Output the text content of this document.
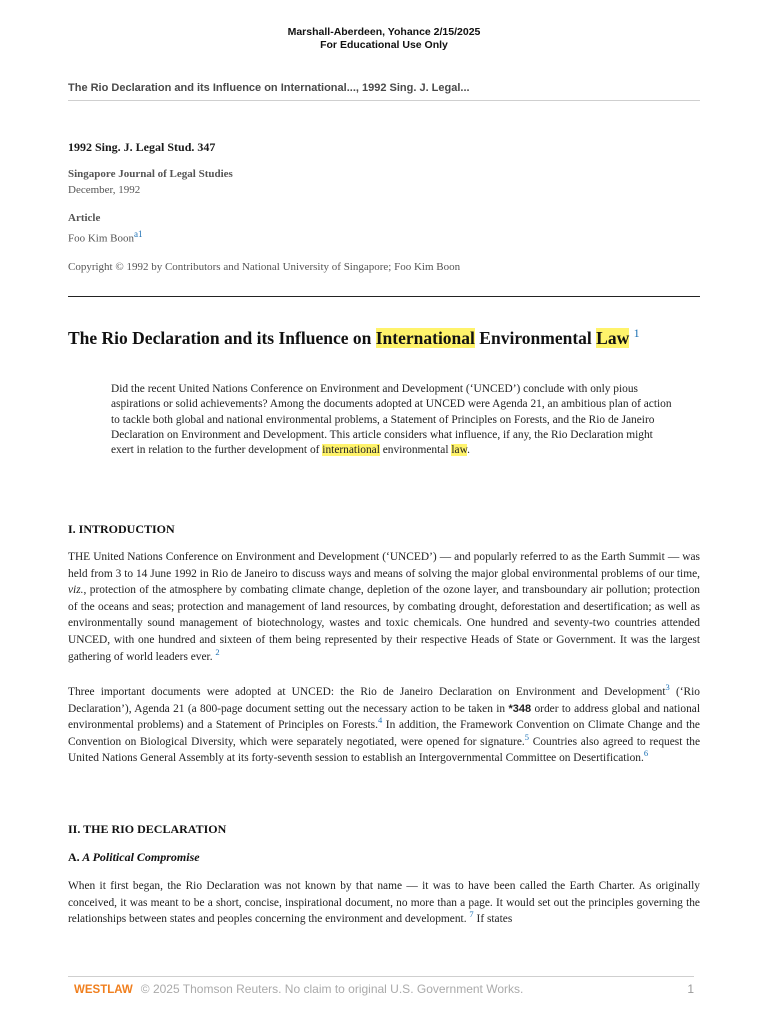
Marshall-Aberdeen, Yohance 2/15/2025
For Educational Use Only
The Rio Declaration and its Influence on International..., 1992 Sing. J. Legal...
1992 Sing. J. Legal Stud. 347
Singapore Journal of Legal Studies
December, 1992
Article
Foo Kim Boon$^{a1}$
Copyright © 1992 by Contributors and National University of Singapore; Foo Kim Boon
The Rio Declaration and its Influence on International Environmental Law $^1$
Did the recent United Nations Conference on Environment and Development (‘UNCED’) conclude with only pious aspirations or solid achievements? Among the documents adopted at UNCED were Agenda 21, an ambitious plan of action to tackle both global and national environmental problems, a Statement of Principles on Forests, and the Rio de Janeiro Declaration on Environment and Development. This article considers what influence, if any, the Rio Declaration might exert in relation to the further development of international environmental law.
I. INTRODUCTION
THE United Nations Conference on Environment and Development (‘UNCED’) — and popularly referred to as the Earth Summit — was held from 3 to 14 June 1992 in Rio de Janeiro to discuss ways and means of solving the major global environmental problems of our time, viz., protection of the atmosphere by combating climate change, depletion of the ozone layer, and transboundary air pollution; protection of the oceans and seas; protection and management of land resources, by combating drought, deforestation and desertification; as well as environmentally sound management of biotechnology, wastes and toxic chemicals. One hundred and seventy-two countries attended UNCED, with one hundred and sixteen of them being represented by their respective Heads of State or Government. It was the largest gathering of world leaders ever. $^2$
Three important documents were adopted at UNCED: the Rio de Janeiro Declaration on Environment and Development$^3$ (‘Rio Declaration’), Agenda 21 (a 800-page document setting out the necessary action to be taken in *348 order to address global and national environmental problems) and a Statement of Principles on Forests.$^4$ In addition, the Framework Convention on Climate Change and the Convention on Biological Diversity, which were separately negotiated, were opened for signature.$^5$ Countries also agreed to request the United Nations General Assembly at its forty-seventh session to establish an Intergovernmental Committee on Desertification.$^6$
II. THE RIO DECLARATION
A. A Political Compromise
When it first began, the Rio Declaration was not known by that name — it was to have been called the Earth Charter. As originally conceived, it was meant to be a short, concise, inspirational document, no more than a page. It would set out the principles governing the relationships between states and peoples concerning the environment and development. $^7$ If states
WESTLAW © 2025 Thomson Reuters. No claim to original U.S. Government Works.	1
